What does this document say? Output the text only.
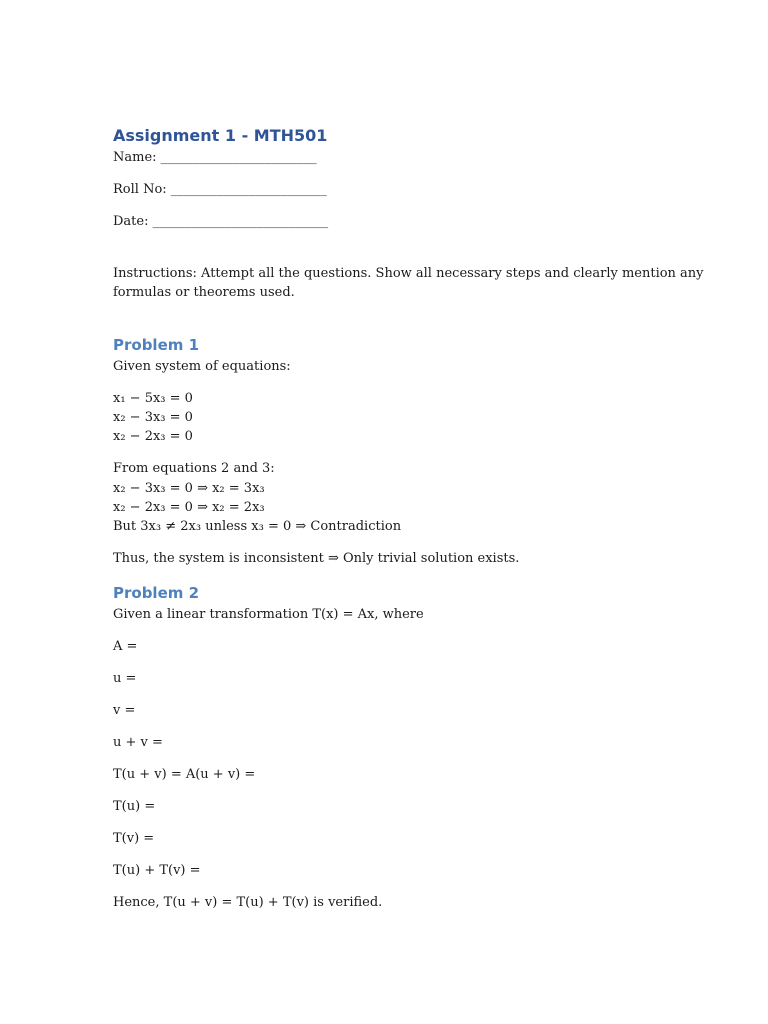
Assignment 1 - MTH501
Name: ________________________
Roll No: ________________________
Date: ___________________________
Instructions: Attempt all the questions. Show all necessary steps and clearly mention any
formulas or theorems used.
Problem 1
Given system of equations:
x₁ − 5x₃ = 0
x₂ − 3x₃ = 0
x₂ − 2x₃ = 0
From equations 2 and 3:
x₂ − 3x₃ = 0 ⇒ x₂ = 3x₃
x₂ − 2x₃ = 0 ⇒ x₂ = 2x₃
But 3x₃ ≠ 2x₃ unless x₃ = 0 ⇒ Contradiction
Thus, the system is inconsistent ⇒ Only trivial solution exists.
Problem 2
Given a linear transformation T(x) = Ax, where
A =
u =
v =
u + v =
T(u + v) = A(u + v) =
T(u) =
T(v) =
T(u) + T(v) =
Hence, T(u + v) = T(u) + T(v) is verified.
